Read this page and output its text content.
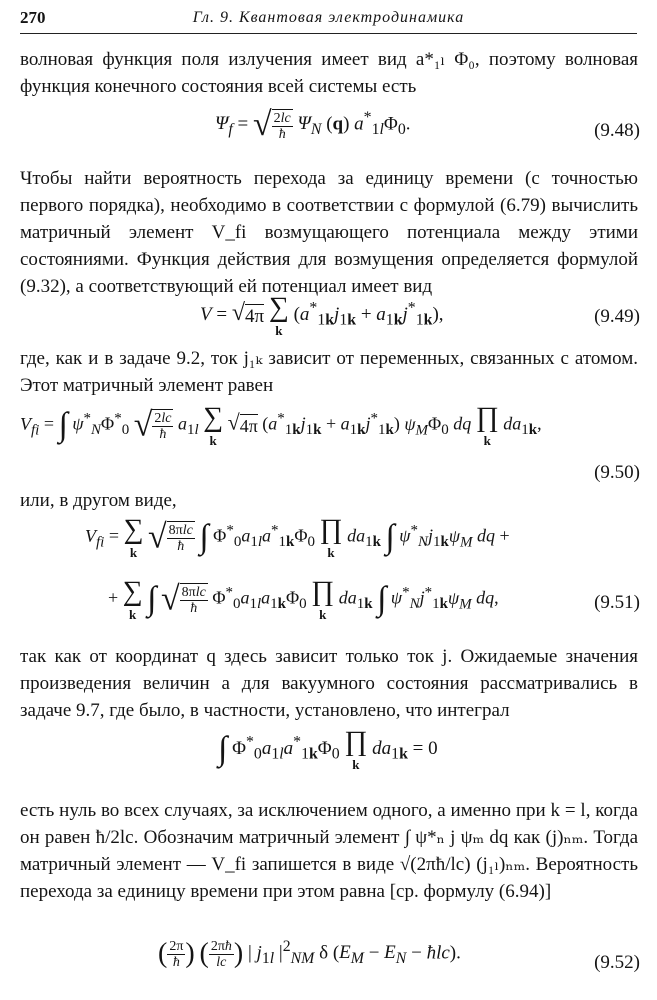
270	Гл. 9. Квантовая электродинамика

волновая функция поля излучения имеет вид a*₁ₗ Φ₀, поэтому волновая функция конечного состояния всей системы есть

$\Psi_f$ = √ $\frac{2lc}{ħ} \Psi_N$ (q) $a^*_{1l}\Phi_0$.	(9.48)

Чтобы найти вероятность перехода за единицу времени (с точностью первого порядка), необходимо в соответствии с формулой (6.79) вычислить матричный элемент V_fi возмущающего потенциала между этими состояниями. Функция действия для возмущения определяется формулой (9.32), а соответствующий ей потенциал имеет вид

V = √4π ∑
k
$(a^*_{1k}j_{1k} + a_{1k}j^*_{1k})$,	(9.49)

где, как и в задаче 9.2, ток j₁ₖ зависит от переменных, связанных с атомом. Этот матричный элемент равен

$V_{fi}$ = ∫ $\psi^*_N\Phi^*_0$ √ $\frac{2lc}{ħ} a_{1l}$ ∑
k
√4π $(a^*_{1k}j_{1k} + a_{1k}j^*_{1k})$ $\psi_M\Phi_0$ dq ∏
k
$da_{1k}$,
(9.50)

или, в другом виде,

$V_{fi}$ = ∑
k √ $\frac{\text{8πlc}}{ħ}$ ∫ $\Phi^*_0a_{1l}a^*_{1k}\Phi_0$ ∏
k
$da_{1k}$ ∫ $\psi^*_Nj_{1k}\psi_M$ dq +
+ ∑
k ∫ √ $\frac{\text{8πlc}}{ħ} \Phi^*_0a_{1l}a_{1k}\Phi_0$ ∏
k
$da_{1k}$ ∫ $\psi^*_Nj^*_{1k}\psi_M$ dq,	(9.51)

так как от координат q здесь зависит только ток j. Ожидаемые значения произведения величин a для вакуумного состояния рассматривались в задаче 9.7, где было, в частности, установлено, что интеграл

∫ $\Phi^*_0a_{1l}a^*_{1k}\Phi_0$ ∏
k
$da_{1k} = 0$

есть нуль во всех случаях, за исключением одного, а именно при k = l, когда он равен ħ/2lc. Обозначим матричный элемент ∫ ψ*ₙ j ψₘ dq как (j)ₙₘ. Тогда матричный элемент — V_fi запишется в виде √(2πħ/lc) (j₁ₗ)ₙₘ. Вероятность перехода за единицу времени при этом равна [ср. формулу (6.94)]

( $\frac{2\pi}{ħ}$ ) ( $\frac{2\pi ħ}{lc}$ ) | $j_{1l}$ $|^2_{NM}$ δ ($E_M - E_N$ − ħlc).	(9.52)
